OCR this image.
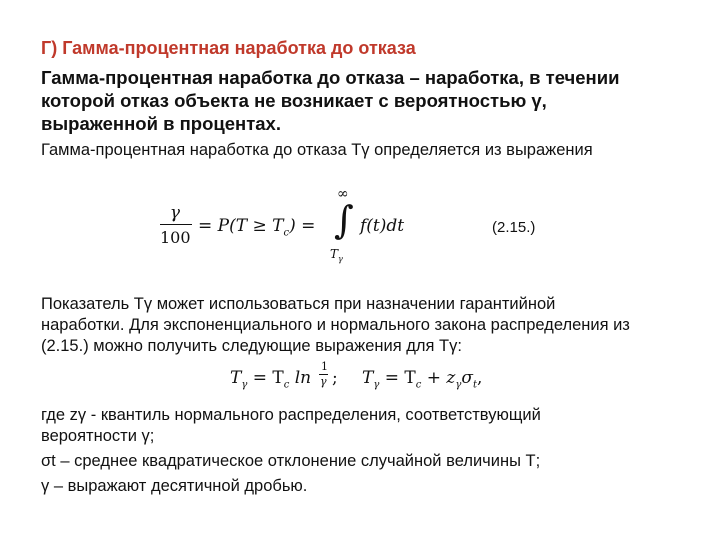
Г) Гамма-процентная наработка до отказа
Гамма-процентная наработка до отказа – наработка, в течении
которой отказ объекта не возникает с вероятностью γ,
выраженной в процентах.
Гамма-процентная наработка до отказа Tγ определяется из выражения
γ
100
= $P(T \ge T_c)$ =
∞
∫
$T_\gamma$
f(t)dt	(2.15.)
Показатель Tγ может использоваться при назначении гарантийной
наработки. Для экспоненциального и нормального закона распределения из
(2.15.) можно получить следующие выражения для Tγ:
$T_\gamma = T_c$ ln
1
γ ; $T_\gamma = T_c + z_\gamma\sigma_t$,
где zγ - квантиль нормального распределения, соответствующий
вероятности γ;
σt – среднее квадратическое отклонение случайной величины Т;
γ – выражают десятичной дробью.
